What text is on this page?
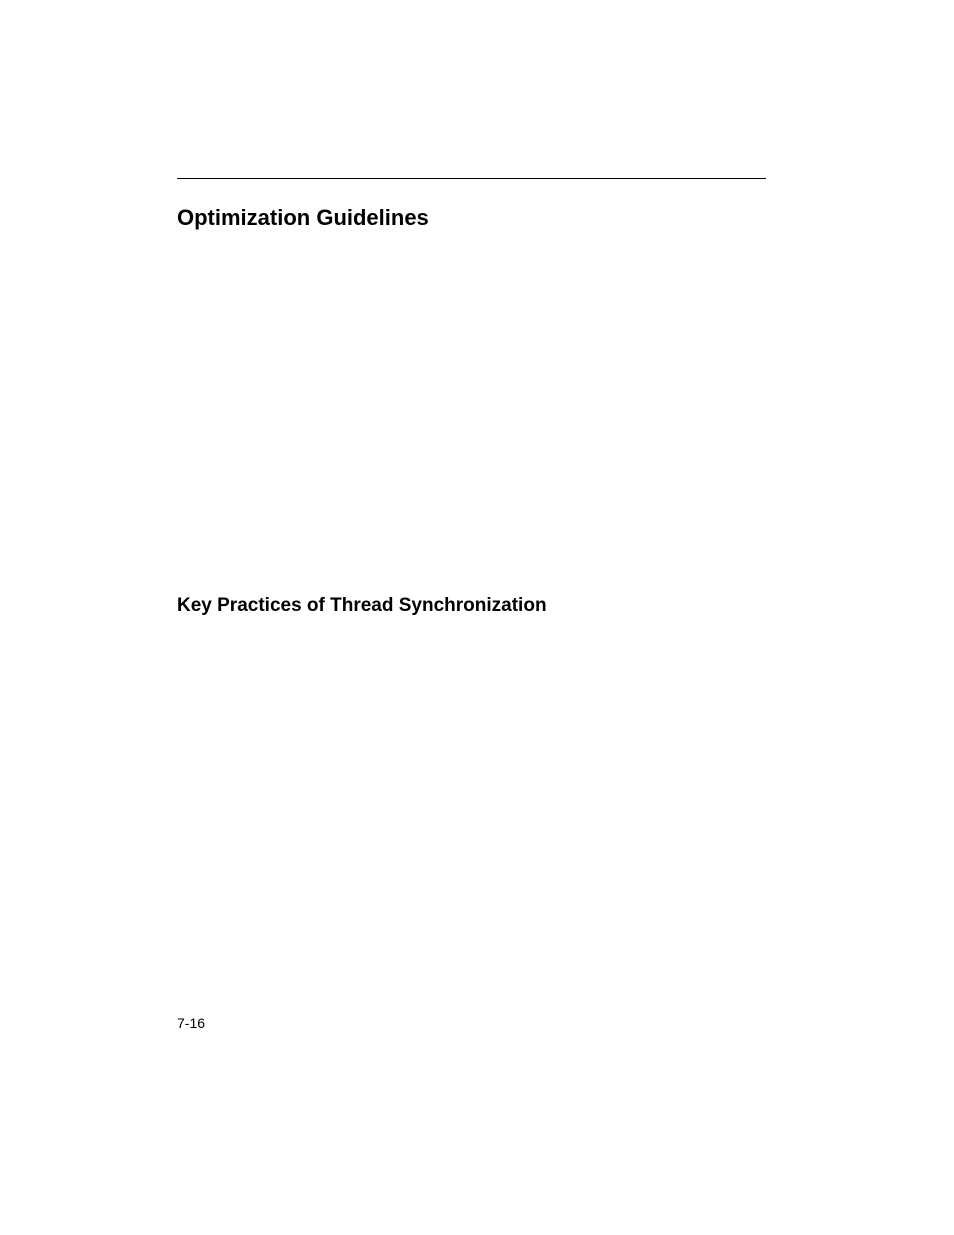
Optimization Guidelines
Key Practices of Thread Synchronization
7-16
